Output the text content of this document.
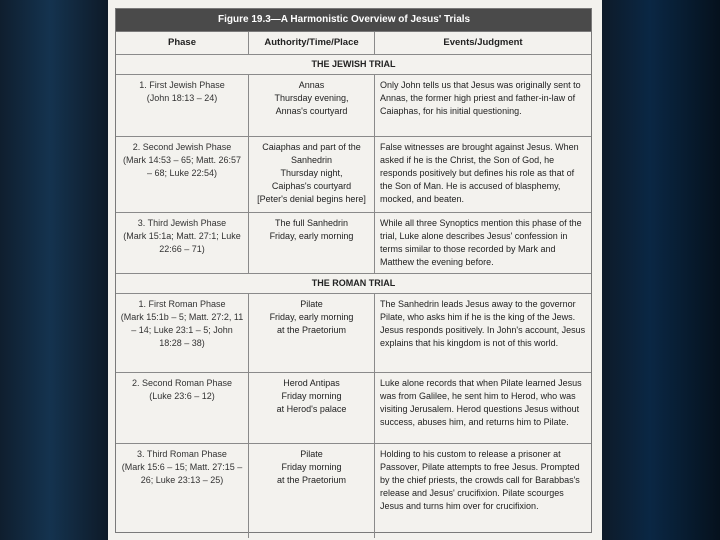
Figure 19.3—A Harmonistic Overview of Jesus' Trials
Phase	Authority/Time/Place	Events/Judgment
THE JEWISH TRIAL
1. First Jewish Phase
(John 18:13 – 24)
Annas
Thursday evening,
Annas's courtyard
Only John tells us that Jesus was originally sent to Annas, the former high priest and father-in-law of Caiaphas, for his initial questioning.
2. Second Jewish Phase
(Mark 14:53 – 65; Matt. 26:57 – 68; Luke 22:54)
Caiaphas and part of the Sanhedrin
Thursday night,
Caiphas's courtyard
[Peter's denial begins here]
False witnesses are brought against Jesus. When asked if he is the Christ, the Son of God, he responds positively but defines his role as that of the Son of Man. He is accused of blasphemy, mocked, and beaten.
3. Third Jewish Phase
(Mark 15:1a; Matt. 27:1; Luke 22:66 – 71)
The full Sanhedrin
Friday, early morning
While all three Synoptics mention this phase of the trial, Luke alone describes Jesus' confession in terms similar to those recorded by Mark and Matthew the evening before.
THE ROMAN TRIAL
1. First Roman Phase
(Mark 15:1b – 5; Matt. 27:2, 11 – 14; Luke 23:1 – 5; John 18:28 – 38)
Pilate
Friday, early morning
at the Praetorium
The Sanhedrin leads Jesus away to the governor Pilate, who asks him if he is the king of the Jews. Jesus responds positively. In John's account, Jesus explains that his kingdom is not of this world.
2. Second Roman Phase
(Luke 23:6 – 12)
Herod Antipas
Friday morning
at Herod's palace
Luke alone records that when Pilate learned Jesus was from Galilee, he sent him to Herod, who was visiting Jerusalem. Herod questions Jesus without success, abuses him, and returns him to Pilate.
3. Third Roman Phase
(Mark 15:6 – 15; Matt. 27:15 – 26; Luke 23:13 – 25)
Pilate
Friday morning
at the Praetorium
Holding to his custom to release a prisoner at Passover, Pilate attempts to free Jesus. Prompted by the chief priests, the crowds call for Barabbas's release and Jesus' crucifixion. Pilate scourges Jesus and turns him over for crucifixion.
